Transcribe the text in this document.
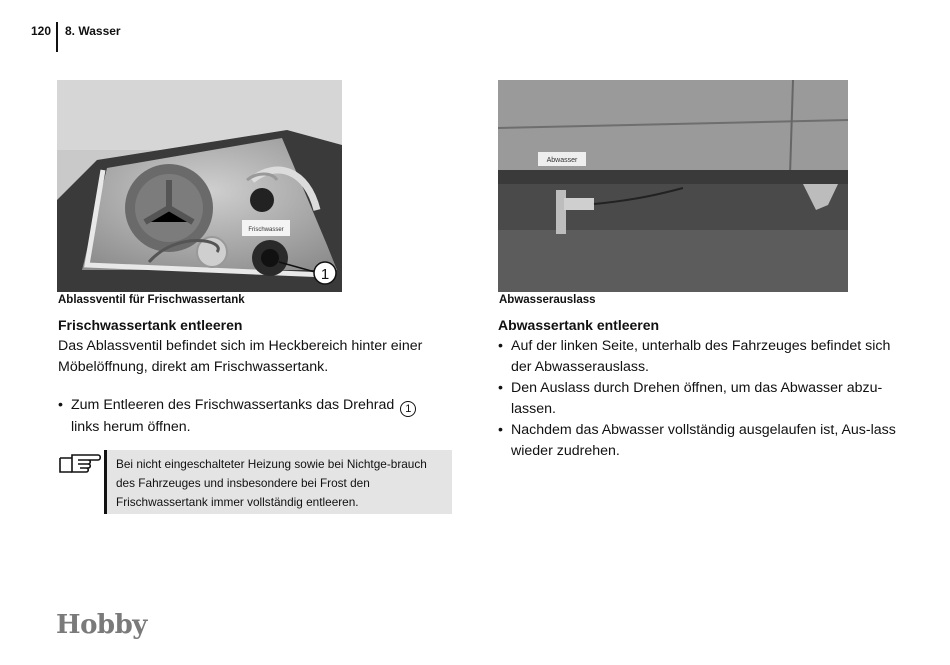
120 8. Wasser
Frischwasser
1
Ablassventil für Frischwassertank
Abwasser
Abwasserauslass
Frischwassertank entleeren
Das Ablassventil befindet sich im Heckbereich hinter einer Möbelöffnung, direkt am Frischwassertank.
• Zum Entleeren des Frischwassertanks das Drehrad 1
links herum öffnen.
Bei nicht eingeschalteter Heizung sowie bei Nichtge-brauch des Fahrzeuges und insbesondere bei Frost den Frischwassertank immer vollständig entleeren.
Abwassertank entleeren
• Auf der linken Seite, unterhalb des Fahrzeuges befindet sich der Abwasserauslass.
• Den Auslass durch Drehen öffnen, um das Abwasser abzu-lassen.
• Nachdem das Abwasser vollständig ausgelaufen ist, Aus-lass wieder zudrehen.
Hobby
